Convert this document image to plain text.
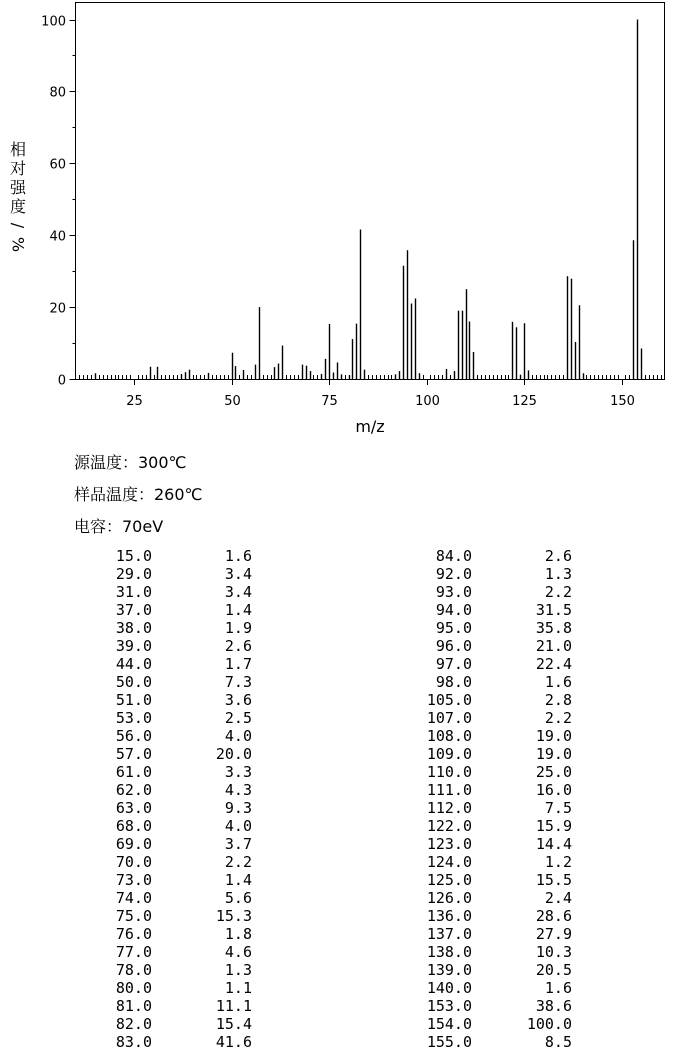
25	50	75	100	125	150
0
20
40
60
80
100
m/z
相
对
强
度
/
%
源温度：300℃
样品温度：260℃
电容：70eV
15.0	1.6	84.0	2.6
29.0	3.4	92.0	1.3
31.0	3.4	93.0	2.2
37.0	1.4	94.0	31.5
38.0	1.9	95.0	35.8
39.0	2.6	96.0	21.0
44.0	1.7	97.0	22.4
50.0	7.3	98.0	1.6
51.0	3.6	105.0	2.8
53.0	2.5	107.0	2.2
56.0	4.0	108.0	19.0
57.0	20.0	109.0	19.0
61.0	3.3	110.0	25.0
62.0	4.3	111.0	16.0
63.0	9.3	112.0	7.5
68.0	4.0	122.0	15.9
69.0	3.7	123.0	14.4
70.0	2.2	124.0	1.2
73.0	1.4	125.0	15.5
74.0	5.6	126.0	2.4
75.0	15.3	136.0	28.6
76.0	1.8	137.0	27.9
77.0	4.6	138.0	10.3
78.0	1.3	139.0	20.5
80.0	1.1	140.0	1.6
81.0	11.1	153.0	38.6
82.0	15.4	154.0	100.0
83.0	41.6	155.0	8.5
